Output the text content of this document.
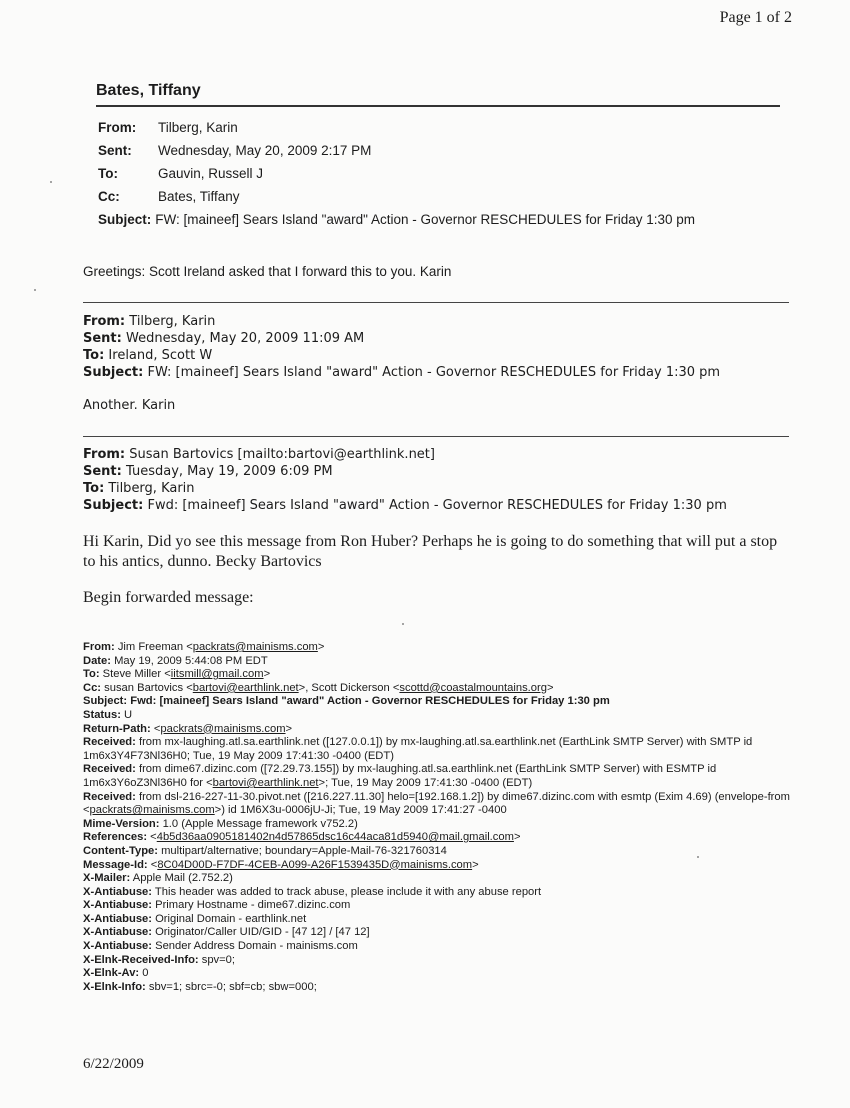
Page 1 of 2
Bates, Tiffany
From: Tilberg, Karin
Sent: Wednesday, May 20, 2009 2:17 PM
To:	Gauvin, Russell J
Cc:	Bates, Tiffany
Subject: FW: [maineef] Sears Island "award" Action - Governor RESCHEDULES for Friday 1:30 pm
Greetings: Scott Ireland asked that I forward this to you. Karin
From: Tilberg, Karin
Sent: Wednesday, May 20, 2009 11:09 AM
To: Ireland, Scott W
Subject: FW: [maineef] Sears Island "award" Action - Governor RESCHEDULES for Friday 1:30 pm
Another. Karin
From: Susan Bartovics [mailto:bartovi@earthlink.net]
Sent: Tuesday, May 19, 2009 6:09 PM
To: Tilberg, Karin
Subject: Fwd: [maineef] Sears Island "award" Action - Governor RESCHEDULES for Friday 1:30 pm
Hi Karin, Did yo see this message from Ron Huber? Perhaps he is going to do something that will put a stop to his antics, dunno. Becky Bartovics
Begin forwarded message:
From: Jim Freeman <packrats@mainisms.com>
Date: May 19, 2009 5:44:08 PM EDT
To: Steve Miller <iitsmill@gmail.com>
Cc: susan Bartovics <bartovi@earthlink.net>, Scott Dickerson <scottd@coastalmountains.org>
Subject: Fwd: [maineef] Sears Island "award" Action - Governor RESCHEDULES for Friday 1:30 pm
Status: U
Return-Path: <packrats@mainisms.com>
Received: from mx-laughing.atl.sa.earthlink.net ([127.0.0.1]) by mx-laughing.atl.sa.earthlink.net (EarthLink SMTP Server) with SMTP id 1m6x3Y4F73Nl36H0; Tue, 19 May 2009 17:41:30 -0400 (EDT)
Received: from dime67.dizinc.com ([72.29.73.155]) by mx-laughing.atl.sa.earthlink.net (EarthLink SMTP Server) with ESMTP id 1m6x3Y6oZ3Nl36H0 for <bartovi@earthlink.net>; Tue, 19 May 2009 17:41:30 -0400 (EDT)
Received: from dsl-216-227-11-30.pivot.net ([216.227.11.30] helo=[192.168.1.2]) by dime67.dizinc.com with esmtp (Exim 4.69) (envelope-from <packrats@mainisms.com>) id 1M6X3u-0006jU-Ji; Tue, 19 May 2009 17:41:27 -0400
Mime-Version: 1.0 (Apple Message framework v752.2)
References: <4b5d36aa0905181402n4d57865dsc16c44aca81d5940@mail.gmail.com>
Content-Type: multipart/alternative; boundary=Apple-Mail-76-321760314
Message-Id: <8C04D00D-F7DF-4CEB-A099-A26F1539435D@mainisms.com>
X-Mailer: Apple Mail (2.752.2)
X-Antiabuse: This header was added to track abuse, please include it with any abuse report
X-Antiabuse: Primary Hostname - dime67.dizinc.com
X-Antiabuse: Original Domain - earthlink.net
X-Antiabuse: Originator/Caller UID/GID - [47 12] / [47 12]
X-Antiabuse: Sender Address Domain - mainisms.com
X-Elnk-Received-Info: spv=0;
X-Elnk-Av: 0
X-Elnk-Info: sbv=1; sbrc=-0; sbf=cb; sbw=000;
6/22/2009
